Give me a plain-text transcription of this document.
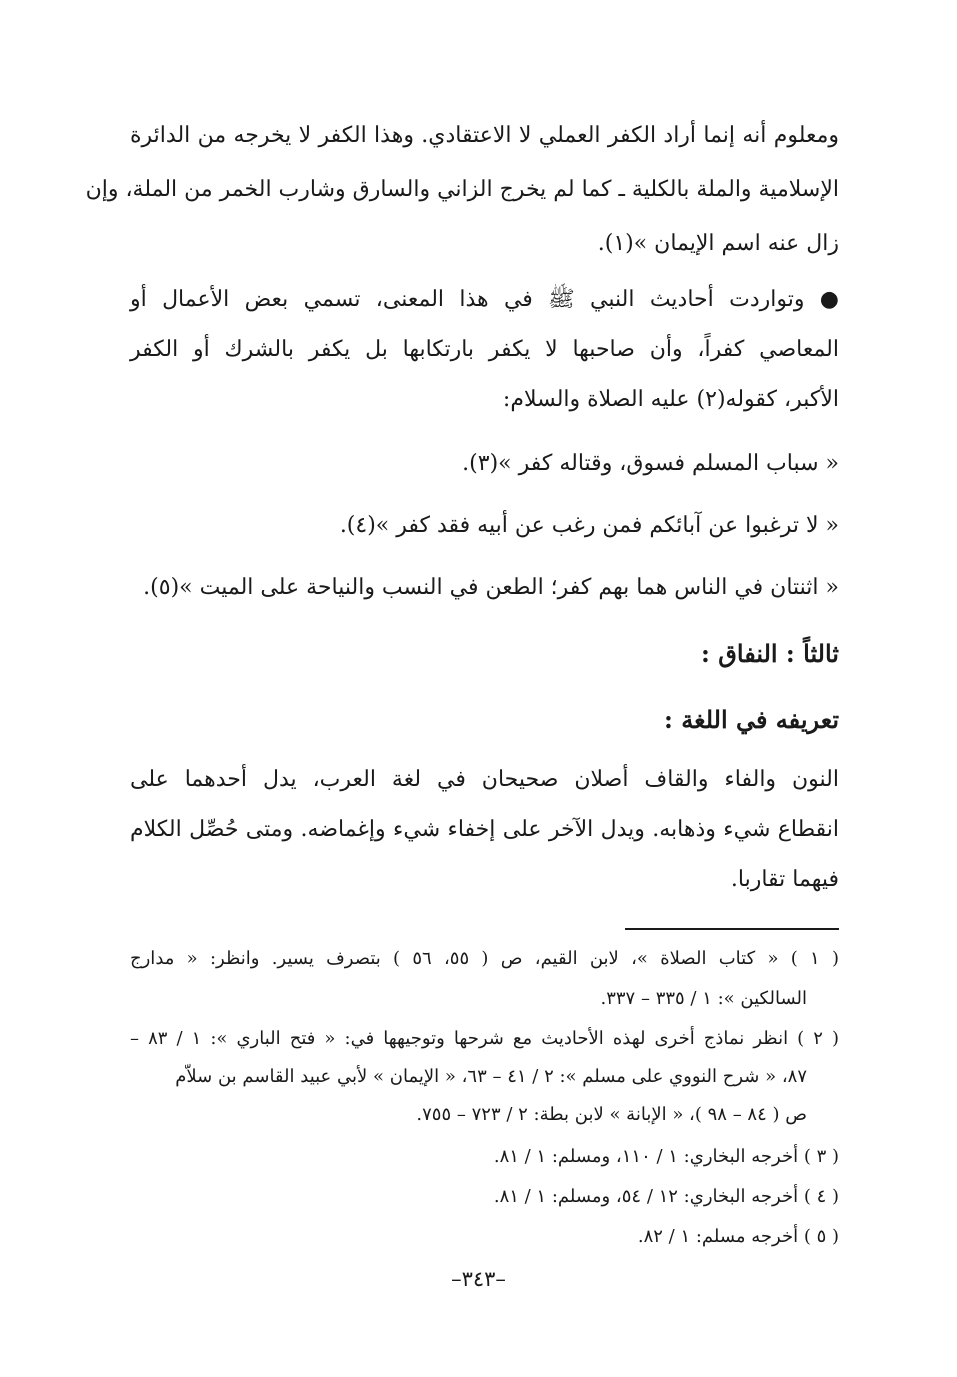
ومعلوم أنه إنما أراد الكفر العملي لا الاعتقادي. وهذا الكفر لا يخرجه من الدائرة
الإسلامية والملة بالكلية ـ كما لم يخرج الزاني والسارق وشارب الخمر من الملة، وإن
زال عنه اسم الإيمان »(١).
● وتواردت أحاديث النبي ﷺ في هذا المعنى، تسمي بعض الأعمال أو
المعاصي كفراً، وأن صاحبها لا يكفر بارتكابها بل يكفر بالشرك أو الكفر
الأكبر، كقوله(٢) عليه الصلاة والسلام:
« سباب المسلم فسوق، وقتاله كفر »(٣).
« لا ترغبوا عن آبائكم فمن رغب عن أبيه فقد كفر »(٤).
« اثنتان في الناس هما بهم كفر؛ الطعن في النسب والنياحة على الميت »(٥).
ثالثاً : النفاق :
تعريفه في اللغة :
النون والفاء والقاف أصلان صحيحان في لغة العرب، يدل أحدهما على
انقطاع شيء وذهابه. ويدل الآخر على إخفاء شيء وإغماضه. ومتى حُصِّل الكلام
فيهما تقاربا.
( ١ ) « كتاب الصلاة »، لابن القيم، ص ( ٥٥، ٥٦ ) بتصرف يسير. وانظر: « مدارج
السالكين »: ١ / ٣٣٥ – ٣٣٧.
( ٢ ) انظر نماذج أخرى لهذه الأحاديث مع شرحها وتوجيهها في: « فتح الباري »: ١ / ٨٣ –
٨٧، « شرح النووي على مسلم »: ٢ / ٤١ – ٦٣، « الإيمان » لأبي عبيد القاسم بن سلاّم
ص ( ٨٤ – ٩٨ )، « الإبانة » لابن بطة: ٢ / ٧٢٣ – ٧٥٥.
( ٣ ) أخرجه البخاري: ١ / ١١٠، ومسلم: ١ / ٨١.
( ٤ ) أخرجه البخاري: ١٢ / ٥٤، ومسلم: ١ / ٨١.
( ٥ ) أخرجه مسلم: ١ / ٨٢.
–٣٤٣–
